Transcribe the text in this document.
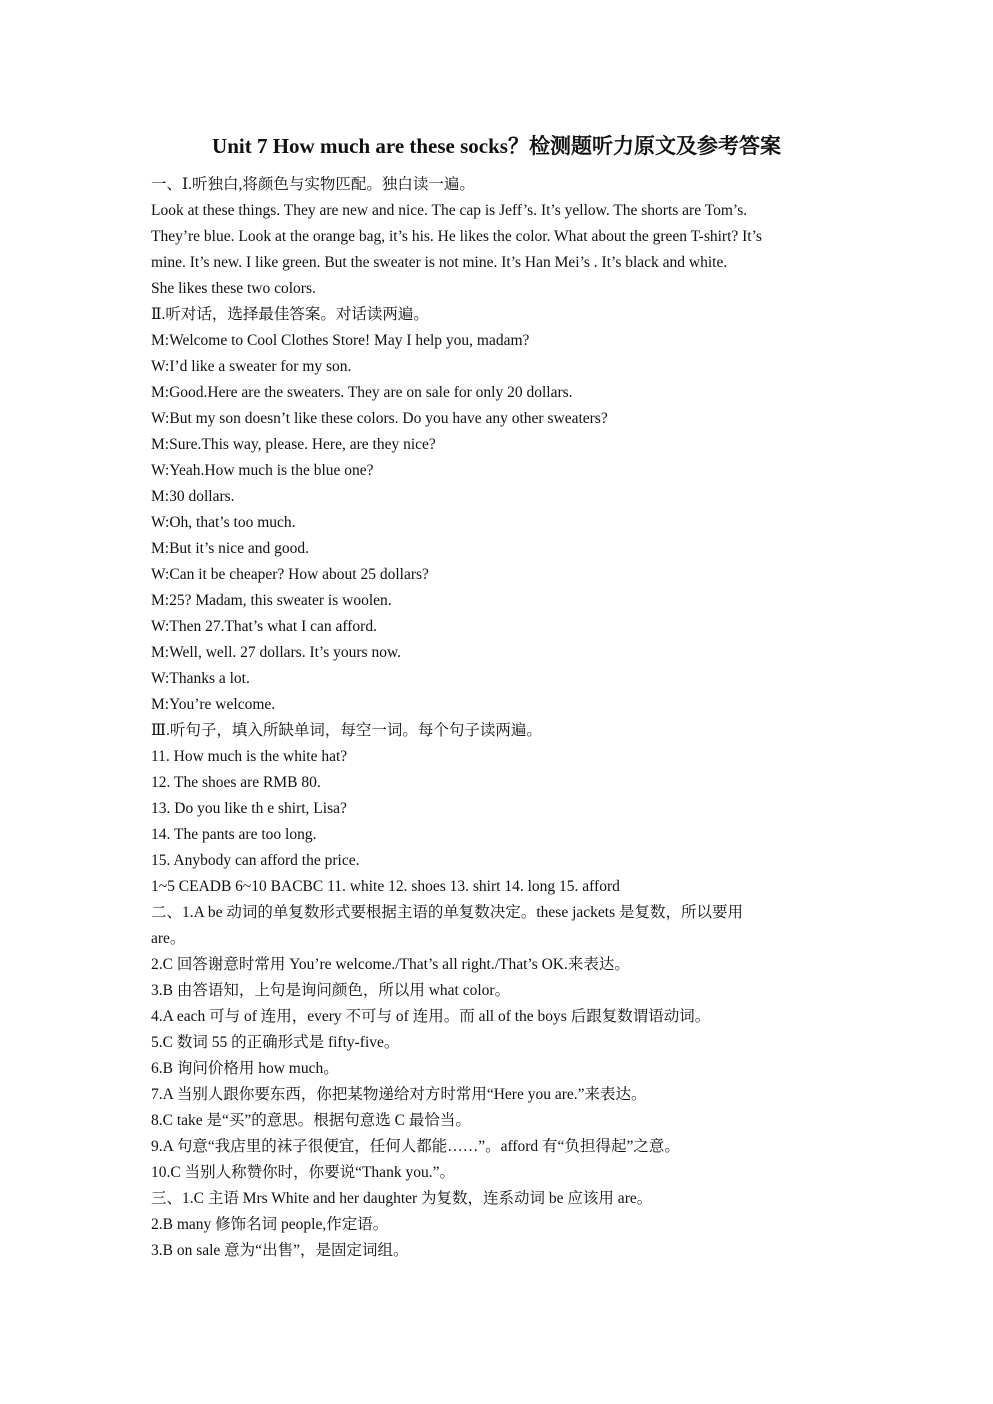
Unit 7 How much are these socks？检测题听力原文及参考答案
一、Ⅰ.听独白,将颜色与实物匹配。独白读一遍。
Look at these things. They are new and nice. The cap is Jeff’s. It’s yellow. The shorts are Tom’s.
They’re blue. Look at the orange bag, it’s his. He likes the color. What about the green T-shirt? It’s
mine. It’s new. I like green. But the sweater is not mine. It’s Han Mei’s . It’s black and white.
She likes these two colors.
Ⅱ.听对话，选择最佳答案。对话读两遍。
M:Welcome to Cool Clothes Store! May I help you, madam?
W:I’d like a sweater for my son.
M:Good.Here are the sweaters. They are on sale for only 20 dollars.
W:But my son doesn’t like these colors. Do you have any other sweaters?
M:Sure.This way, please. Here, are they nice?
W:Yeah.How much is the blue one?
M:30 dollars.
W:Oh, that’s too much.
M:But it’s nice and good.
W:Can it be cheaper? How about 25 dollars?
M:25? Madam, this sweater is woolen.
W:Then 27.That’s what I can afford.
M:Well, well. 27 dollars. It’s yours now.
W:Thanks a lot.
M:You’re welcome.
Ⅲ.听句子，填入所缺单词，每空一词。每个句子读两遍。
11. How much is the white hat?
12. The shoes are RMB 80.
13. Do you like th e shirt, Lisa?
14. The pants are too long.
15. Anybody can afford the price.
1~5 CEADB 6~10 BACBC 11. white 12. shoes 13. shirt 14. long 15. afford
二、1.A be 动词的单复数形式要根据主语的单复数决定。these jackets 是复数，所以要用
are。
2.C 回答谢意时常用 You’re welcome./That’s all right./That’s OK.来表达。
3.B 由答语知，上句是询问颜色，所以用 what color。
4.A each 可与 of 连用，every 不可与 of 连用。而 all of the boys 后跟复数谓语动词。
5.C 数词 55 的正确形式是 fifty-five。
6.B 询问价格用 how much。
7.A 当别人跟你要东西，你把某物递给对方时常用“Here you are.”来表达。
8.C take 是“买”的意思。根据句意选 C 最恰当。
9.A 句意“我店里的袜子很便宜，任何人都能……”。afford 有“负担得起”之意。
10.C 当别人称赞你时，你要说“Thank you.”。
三、1.C 主语 Mrs White and her daughter 为复数，连系动词 be 应该用 are。
2.B many 修饰名词 people,作定语。
3.B on sale 意为“出售”，是固定词组。
